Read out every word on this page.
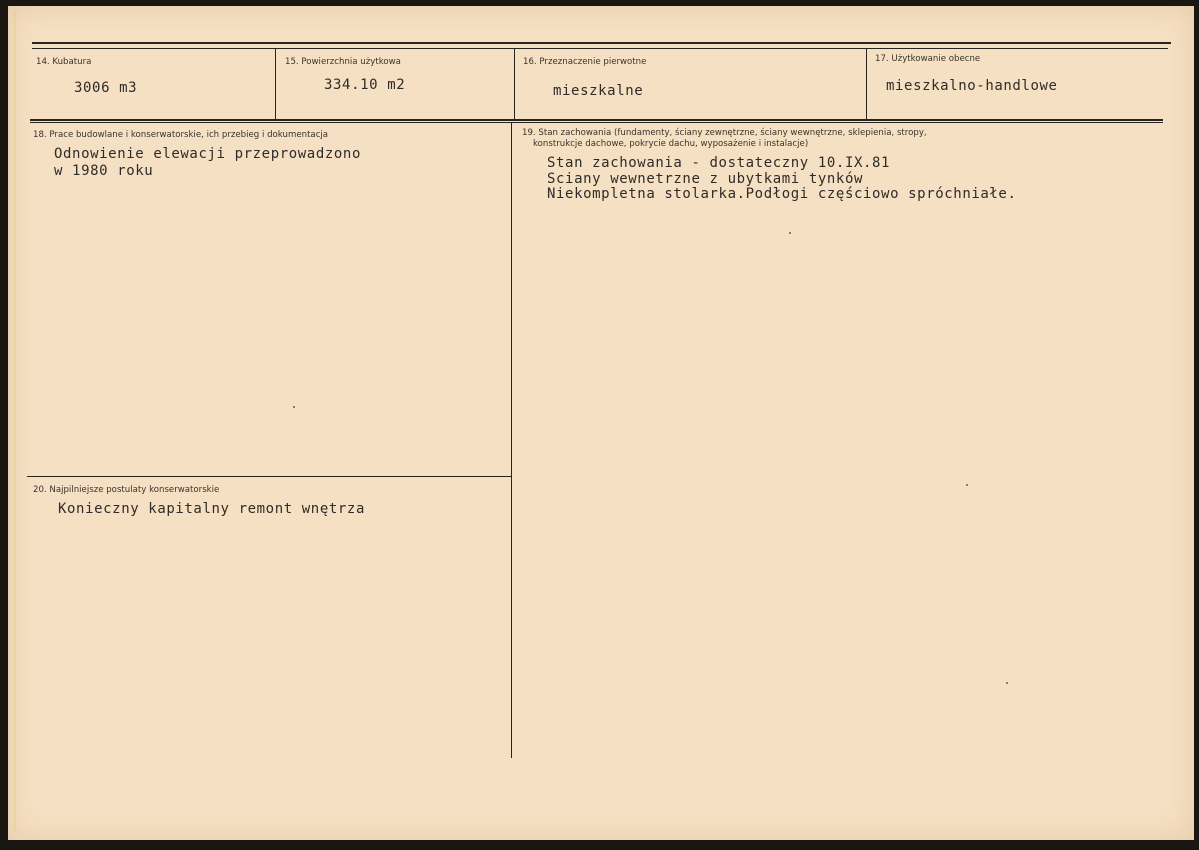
14. Kubatura	15. Powierzchnia użytkowa	16. Przeznaczenie pierwotne	17. Użytkowanie obecne
3006 m3	334.10 m2	mieszkalne	mieszkalno-handlowe
18. Prace budowlane i konserwatorskie, ich przebieg i dokumentacja
Odnowienie elewacji przeprowadzono
w 1980 roku
19. Stan zachowania (fundamenty, ściany zewnętrzne, ściany wewnętrzne, sklepienia, stropy,
konstrukcje dachowe, pokrycie dachu, wyposażenie i instalacje)
Stan zachowania - dostateczny 10.IX.81
Sciany wewnetrzne z ubytkami tynków
Niekompletna stolarka.Podłogi częściowo spróchniałe.
20. Najpilniejsze postulaty konserwatorskie
Konieczny kapitalny remont wnętrza
